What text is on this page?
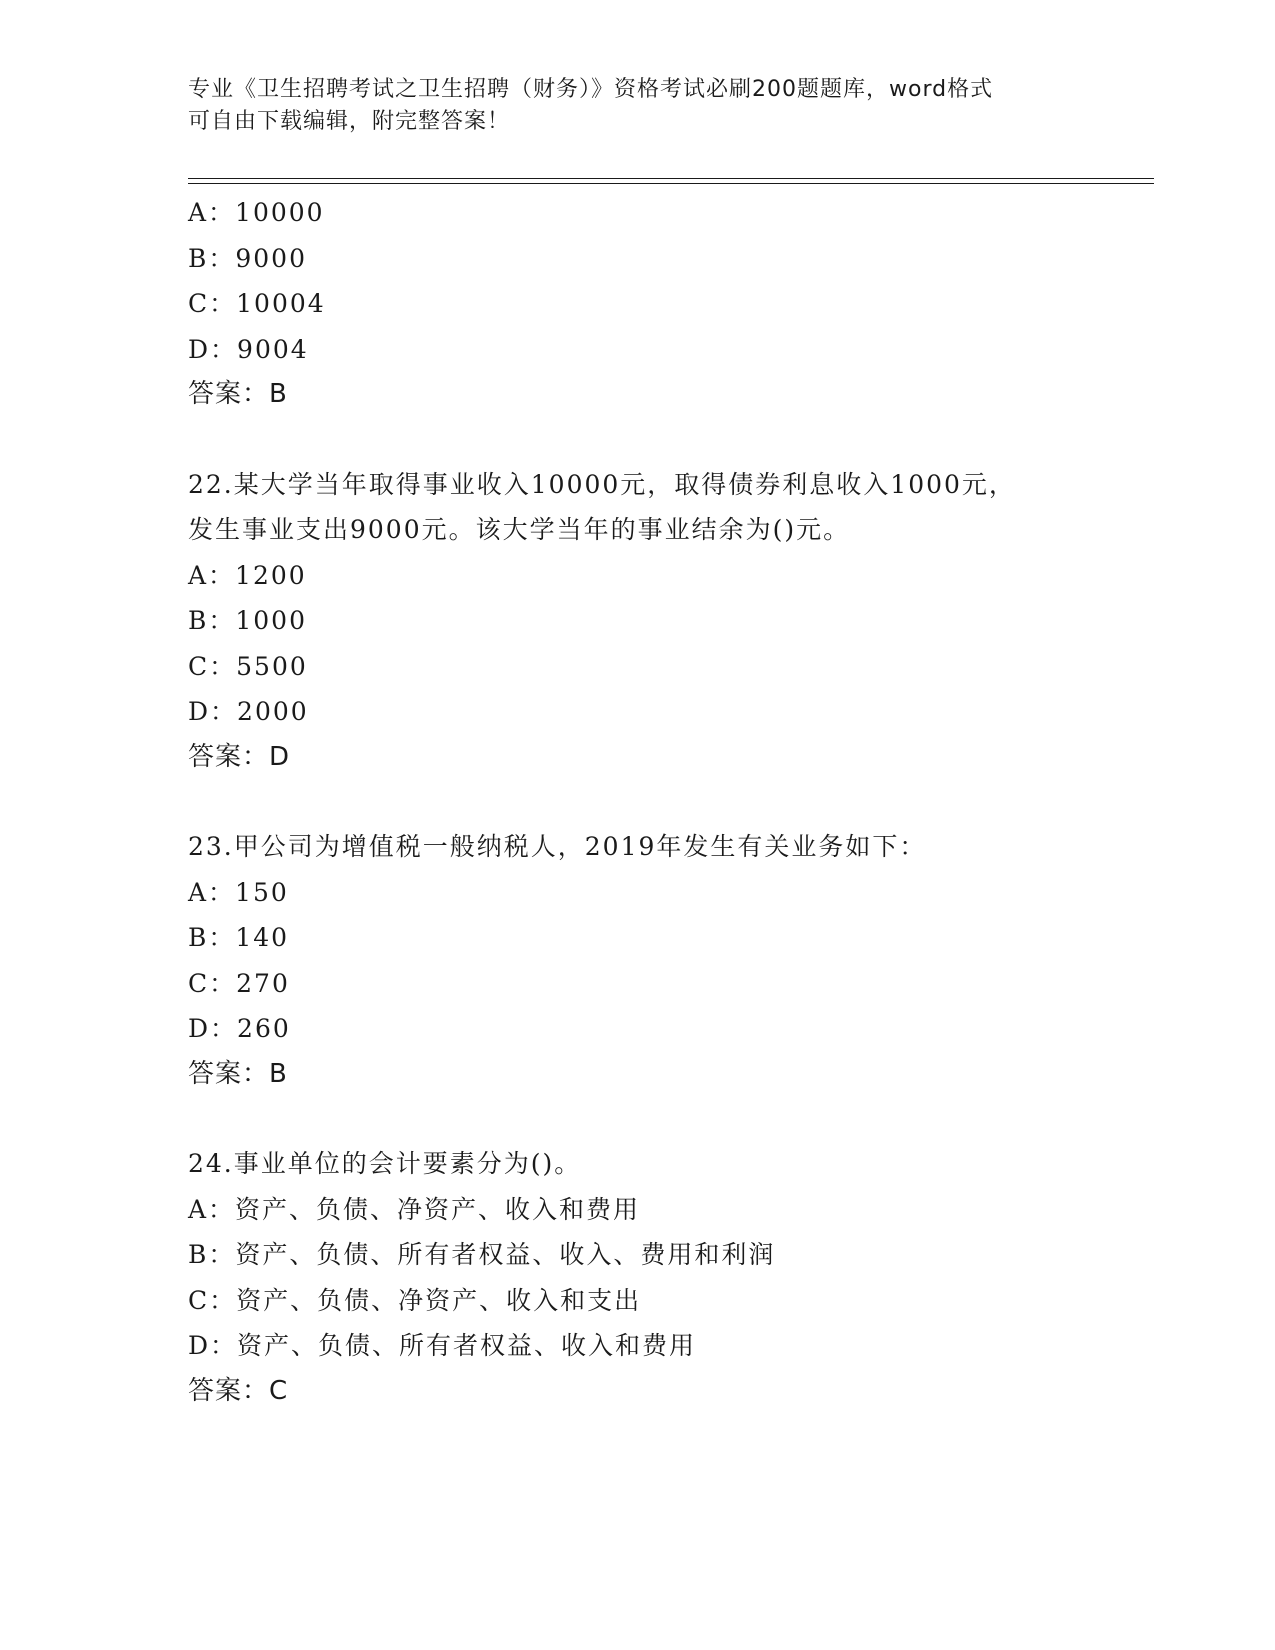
专业《卫生招聘考试之卫生招聘（财务）》资格考试必刷200题题库，word格式
可自由下载编辑，附完整答案！
A：10000
B：9000
C：10004
D：9004
答案：B
22.某大学当年取得事业收入10000元，取得债券利息收入1000元，
发生事业支出9000元。该大学当年的事业结余为()元。
A：1200
B：1000
C：5500
D：2000
答案：D
23.甲公司为增值税一般纳税人，2019年发生有关业务如下：
A：150
B：140
C：270
D：260
答案：B
24.事业单位的会计要素分为()。
A：资产、负债、净资产、收入和费用
B：资产、负债、所有者权益、收入、费用和利润
C：资产、负债、净资产、收入和支出
D：资产、负债、所有者权益、收入和费用
答案：C
